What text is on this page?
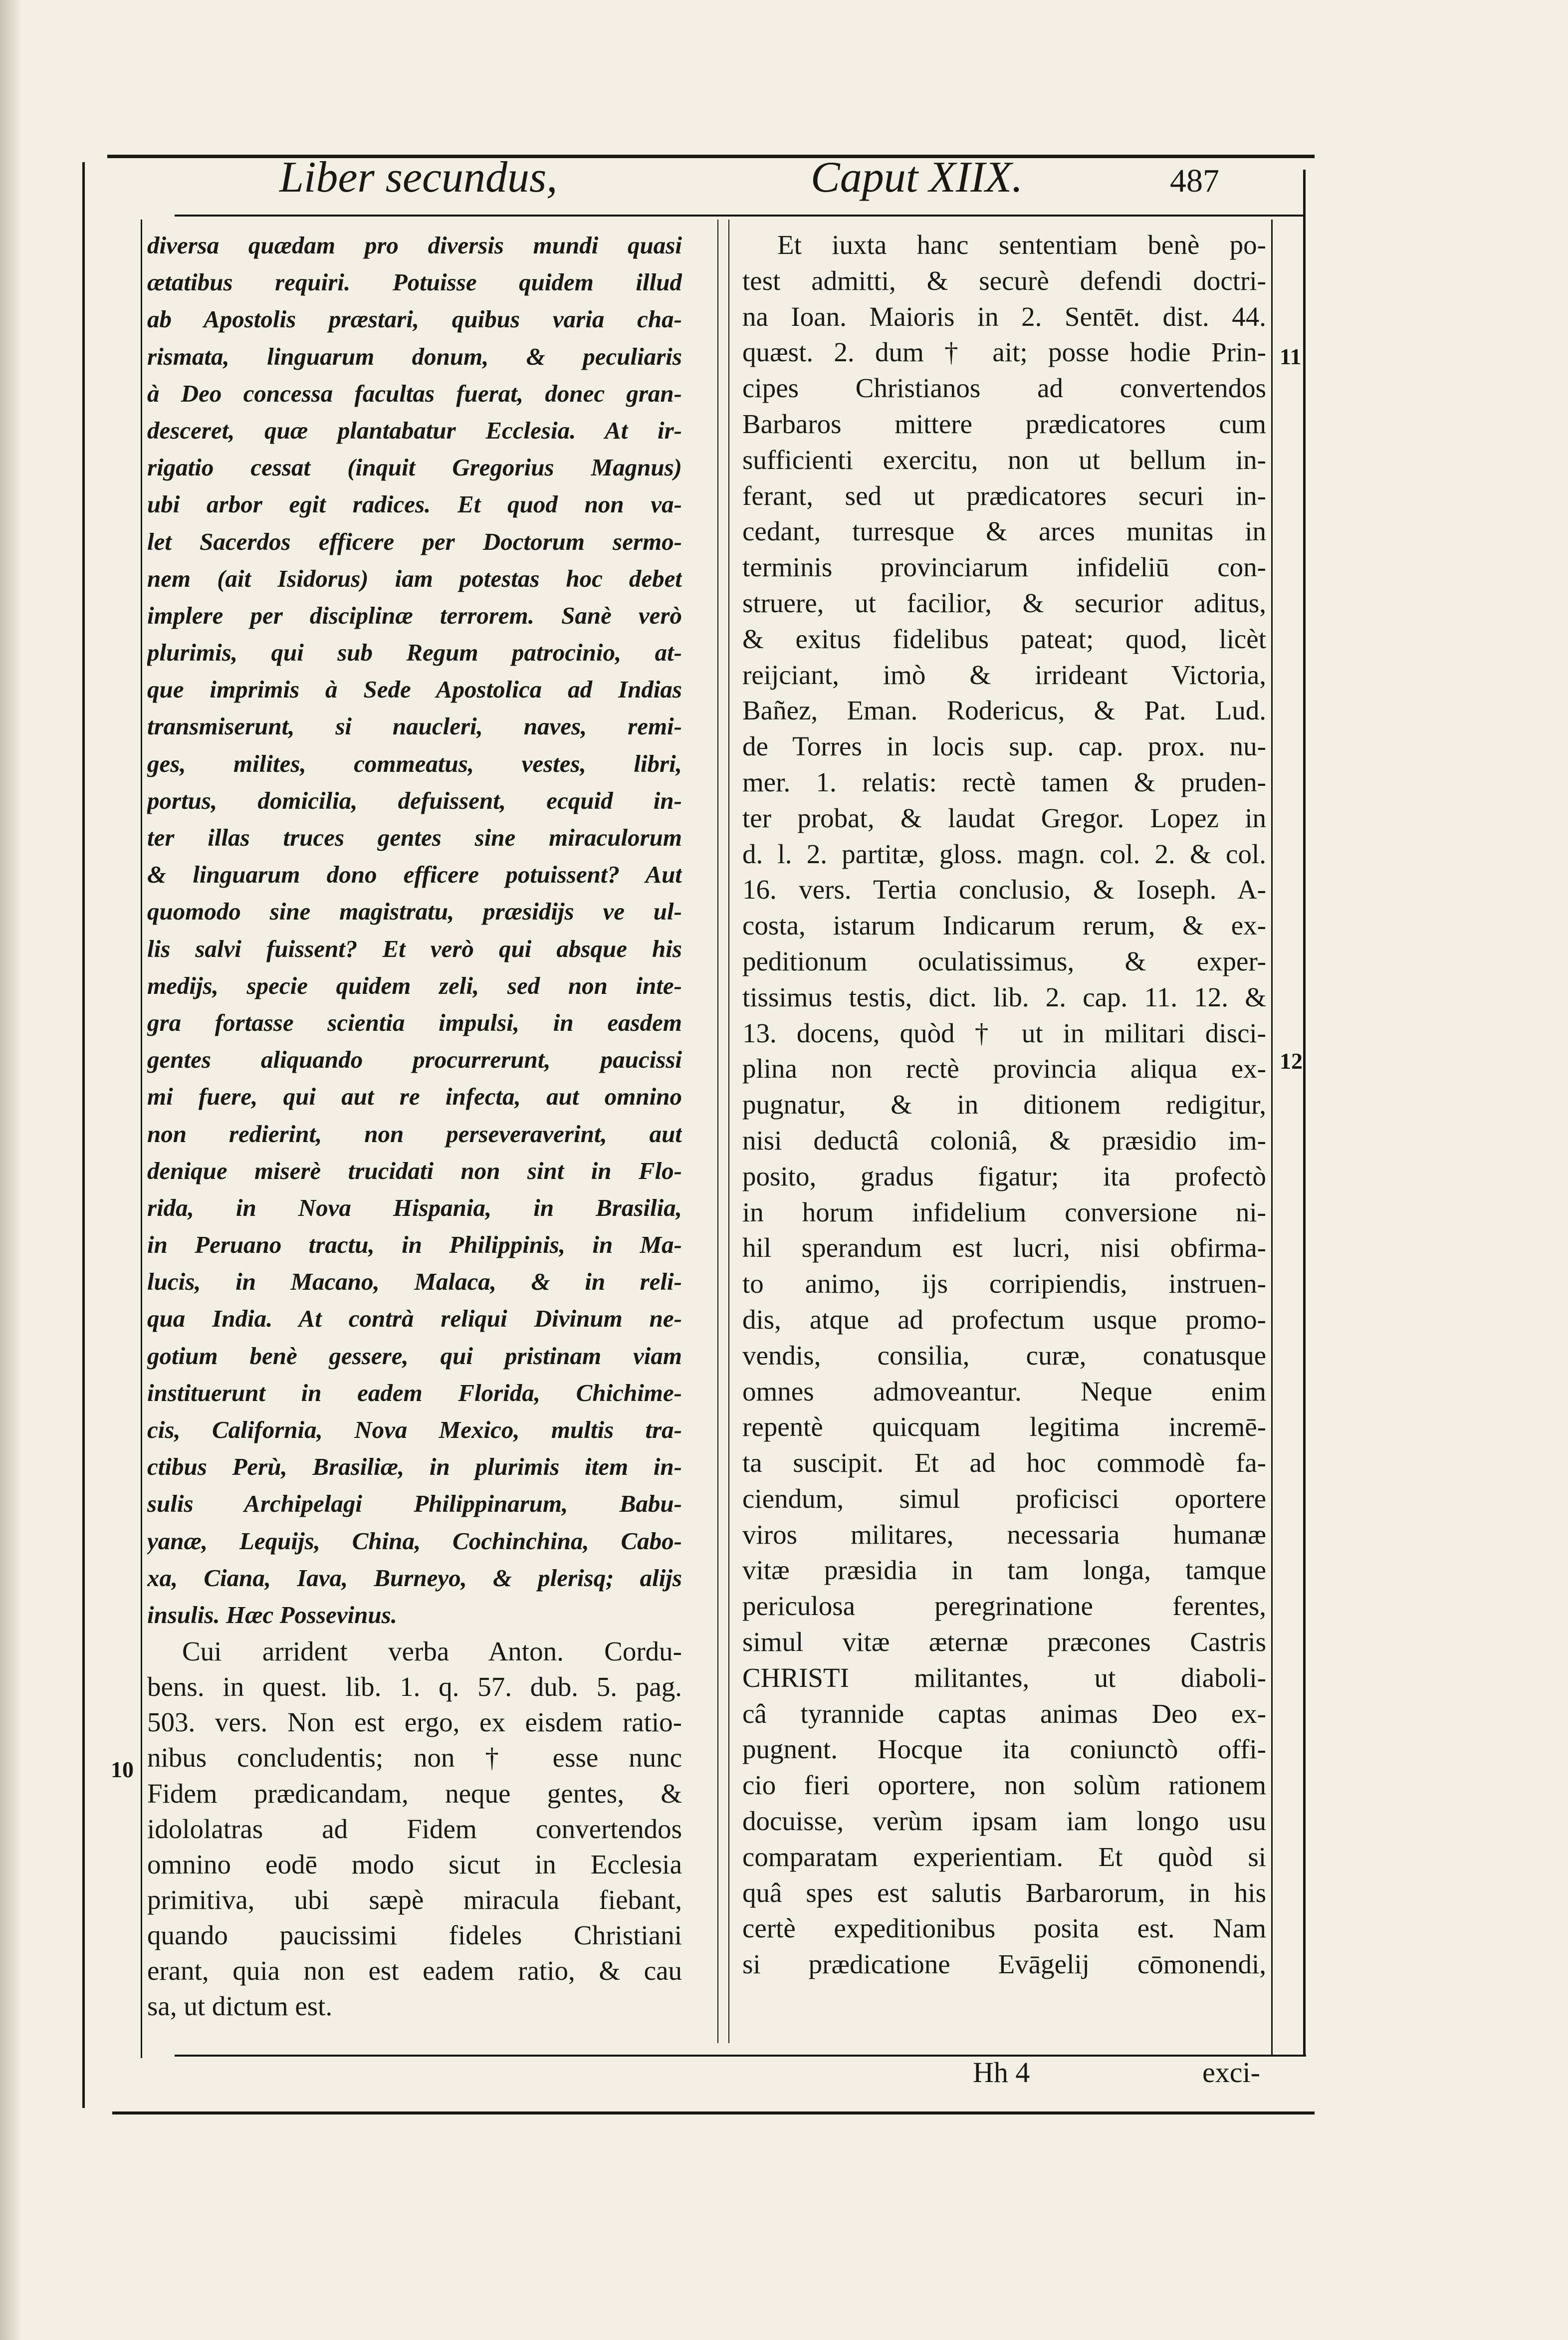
Liber secundus,	Caput XIIX.	487
10
11
12
diversa quædam pro diversis mundi quasi
ætatibus requiri. Potuisse quidem illud
ab Apostolis præstari, quibus varia cha-
rismata, linguarum donum, & peculiaris
à Deo concessa facultas fuerat, donec gran-
desceret, quæ plantabatur Ecclesia. At ir-
rigatio cessat (inquit Gregorius Magnus)
ubi arbor egit radices. Et quod non va-
let Sacerdos efficere per Doctorum sermo-
nem (ait Isidorus) iam potestas hoc debet
implere per disciplinæ terrorem. Sanè verò
plurimis, qui sub Regum patrocinio, at-
que imprimis à Sede Apostolica ad Indias
transmiserunt, si naucleri, naves, remi-
ges, milites, commeatus, vestes, libri,
portus, domicilia, defuissent, ecquid in-
ter illas truces gentes sine miraculorum
& linguarum dono efficere potuissent? Aut
quomodo sine magistratu, præsidijs ve ul-
lis salvi fuissent? Et verò qui absque his
medijs, specie quidem zeli, sed non inte-
gra fortasse scientia impulsi, in easdem
gentes aliquando procurrerunt, paucissi
mi fuere, qui aut re infecta, aut omnino
non redierint, non perseveraverint, aut
denique miserè trucidati non sint in Flo-
rida, in Nova Hispania, in Brasilia,
in Peruano tractu, in Philippinis, in Ma-
lucis, in Macano, Malaca, & in reli-
qua India. At contrà reliqui Divinum ne-
gotium benè gessere, qui pristinam viam
instituerunt in eadem Florida, Chichime-
cis, California, Nova Mexico, multis tra-
ctibus Perù, Brasiliæ, in plurimis item in-
sulis Archipelagi Philippinarum, Babu-
yanæ, Lequijs, China, Cochinchina, Cabo-
xa, Ciana, Iava, Burneyo, & plerisq; alijs
insulis. Hæc Possevinus.
Cui arrident verba Anton. Cordu-
bens. in quest. lib. 1. q. 57. dub. 5. pag.
503. vers. Non est ergo, ex eisdem ratio-
nibus concludentis; non † esse nunc
Fidem prædicandam, neque gentes, &
idololatras ad Fidem convertendos
omnino eodē modo sicut in Ecclesia
primitiva, ubi sæpè miracula fiebant,
quando paucissimi fideles Christiani
erant, quia non est eadem ratio, & cau
sa, ut dictum est.
Et iuxta hanc sententiam benè po-
test admitti, & securè defendi doctri-
na Ioan. Maioris in 2. Sentēt. dist. 44.
quæst. 2. dum † ait; posse hodie Prin-
cipes Christianos ad convertendos
Barbaros mittere prædicatores cum
sufficienti exercitu, non ut bellum in-
ferant, sed ut prædicatores securi in-
cedant, turresque & arces munitas in
terminis provinciarum infideliū con-
struere, ut facilior, & securior aditus,
& exitus fidelibus pateat; quod, licèt
reijciant, imò & irrideant Victoria,
Bañez, Eman. Rodericus, & Pat. Lud.
de Torres in locis sup. cap. prox. nu-
mer. 1. relatis: rectè tamen & pruden-
ter probat, & laudat Gregor. Lopez in
d. l. 2. partitæ, gloss. magn. col. 2. & col.
16. vers. Tertia conclusio, & Ioseph. A-
costa, istarum Indicarum rerum, & ex-
peditionum oculatissimus, & exper-
tissimus testis, dict. lib. 2. cap. 11. 12. &
13. docens, quòd † ut in militari disci-
plina non rectè provincia aliqua ex-
pugnatur, & in ditionem redigitur,
nisi deductâ coloniâ, & præsidio im-
posito, gradus figatur; ita profectò
in horum infidelium conversione ni-
hil sperandum est lucri, nisi obfirma-
to animo, ijs corripiendis, instruen-
dis, atque ad profectum usque promo-
vendis, consilia, curæ, conatusque
omnes admoveantur. Neque enim
repentè quicquam legitima incremē-
ta suscipit. Et ad hoc commodè fa-
ciendum, simul proficisci oportere
viros militares, necessaria humanæ
vitæ præsidia in tam longa, tamque
periculosa peregrinatione ferentes,
simul vitæ æternæ præcones Castris
CHRISTI militantes, ut diaboli-
câ tyrannide captas animas Deo ex-
pugnent. Hocque ita coniunctò offi-
cio fieri oportere, non solùm rationem
docuisse, verùm ipsam iam longo usu
comparatam experientiam. Et quòd si
quâ spes est salutis Barbarorum, in his
certè expeditionibus posita est. Nam
si prædicatione Evāgelij cōmonendi,
Hh 4	exci-
